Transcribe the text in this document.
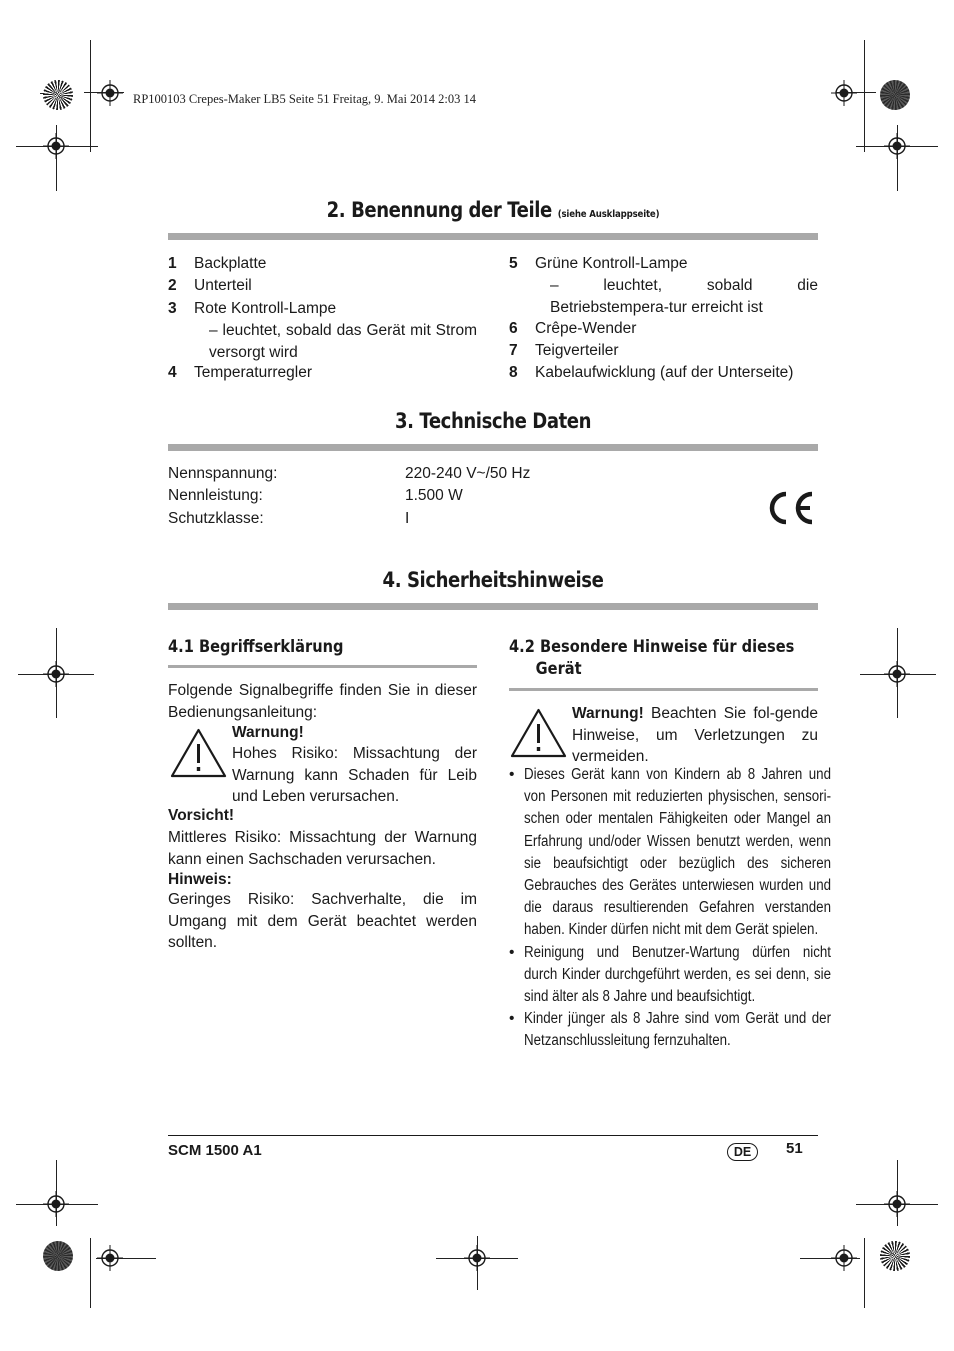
RP100103 Crepes-Maker LB5 Seite 51 Freitag, 9. Mai 2014 2:03 14
2. Benennung der Teile (siehe Ausklappseite)
1	Backplatte
2	Unterteil
3	Rote Kontroll-Lampe
– leuchtet, sobald das Gerät mit Strom versorgt wird
4	Temperaturregler
5	Grüne Kontroll-Lampe
– leuchtet, sobald die Betriebstempera-tur erreicht ist
6	Crêpe-Wender
7	Teigverteiler
8	Kabelaufwicklung (auf der Unterseite)
3. Technische Daten
Nennspannung:	220-240 V~/50 Hz
Nennleistung:	1.500 W
Schutzklasse:	I
4. Sicherheitshinweise
4.1 Begriffserklärung
Folgende Signalbegriffe finden Sie in dieser Bedienungsanleitung:
Warnung!
Hohes Risiko: Missachtung der Warnung kann Schaden für Leib und Leben verursachen.
Vorsicht!
Mittleres Risiko: Missachtung der Warnung kann einen Sachschaden verursachen.
Hinweis:
Geringes Risiko: Sachverhalte, die im Umgang mit dem Gerät beachtet werden sollten.
4.2 Besondere Hinweise für dieses
Gerät
Warnung! Beachten Sie fol-gende Hinweise, um Verletzungen zu vermeiden.
• Dieses Gerät kann von Kindern ab 8 Jahren und von Personen mit reduzierten physischen, sensori-schen oder mentalen Fähigkeiten oder Mangel an Erfahrung und/oder Wissen benutzt werden, wenn sie beaufsichtigt oder bezüglich des sicheren Gebrauches des Gerätes unterwiesen wurden und die daraus resultierenden Gefahren verstanden haben. Kinder dürfen nicht mit dem Gerät spielen.
• Reinigung und Benutzer-Wartung dürfen nicht durch Kinder durchgeführt werden, es sei denn, sie sind älter als 8 Jahre und beaufsichtigt.
• Kinder jünger als 8 Jahre sind vom Gerät und der Netzanschlussleitung fernzuhalten.
SCM 1500 A1	DE	51
